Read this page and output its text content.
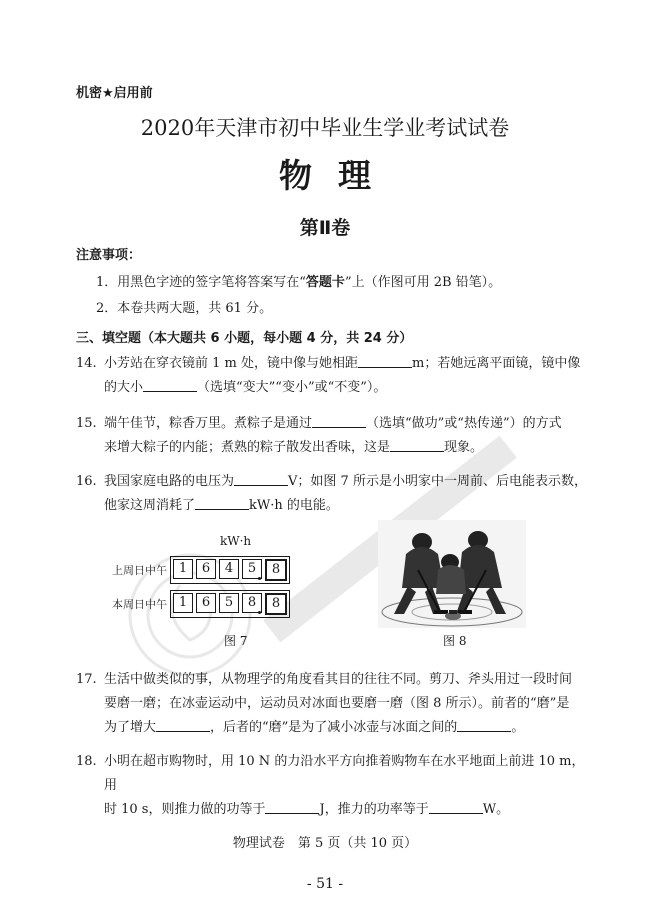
机密★启用前
2020年天津市初中毕业生学业考试试卷
物理
第Ⅱ卷
注意事项：
1．用黑色字迹的签字笔将答案写在“答题卡”上（作图可用 2B 铅笔）。
2．本卷共两大题，共 61 分。
三、填空题（本大题共 6 小题，每小题 4 分，共 24 分）
14. 小芳站在穿衣镜前 1 m 处，镜中像与她相距	m；若她远离平面镜，镜中像
的大小	（选填“变大”“变小”或“不变”）。
15. 端午佳节，粽香万里。煮粽子是通过	（选填“做功”或“热传递”）的方式
来增大粽子的内能；煮熟的粽子散发出香味，这是	现象。
16. 我国家庭电路的电压为	V；如图 7 所示是小明家中一周前、后电能表示数，
他家这周消耗了	kW·h 的电能。
kW·h
上周日中午 1	6	4	5	8
本周日中午 1	6	5	8	8
图 7	图 8
17. 生活中做类似的事，从物理学的角度看其目的往往不同。剪刀、斧头用过一段时间
要磨一磨；在冰壶运动中，运动员对冰面也要磨一磨（图 8 所示）。前者的“磨”是
为了增大	，后者的“磨”是为了减小冰壶与冰面之间的	。
18. 小明在超市购物时，用 10 N 的力沿水平方向推着购物车在水平地面上前进 10 m，用
时 10 s，则推力做的功等于	J，推力的功率等于	W。
物理试卷　第 5 页（共 10 页）
- 51 -
